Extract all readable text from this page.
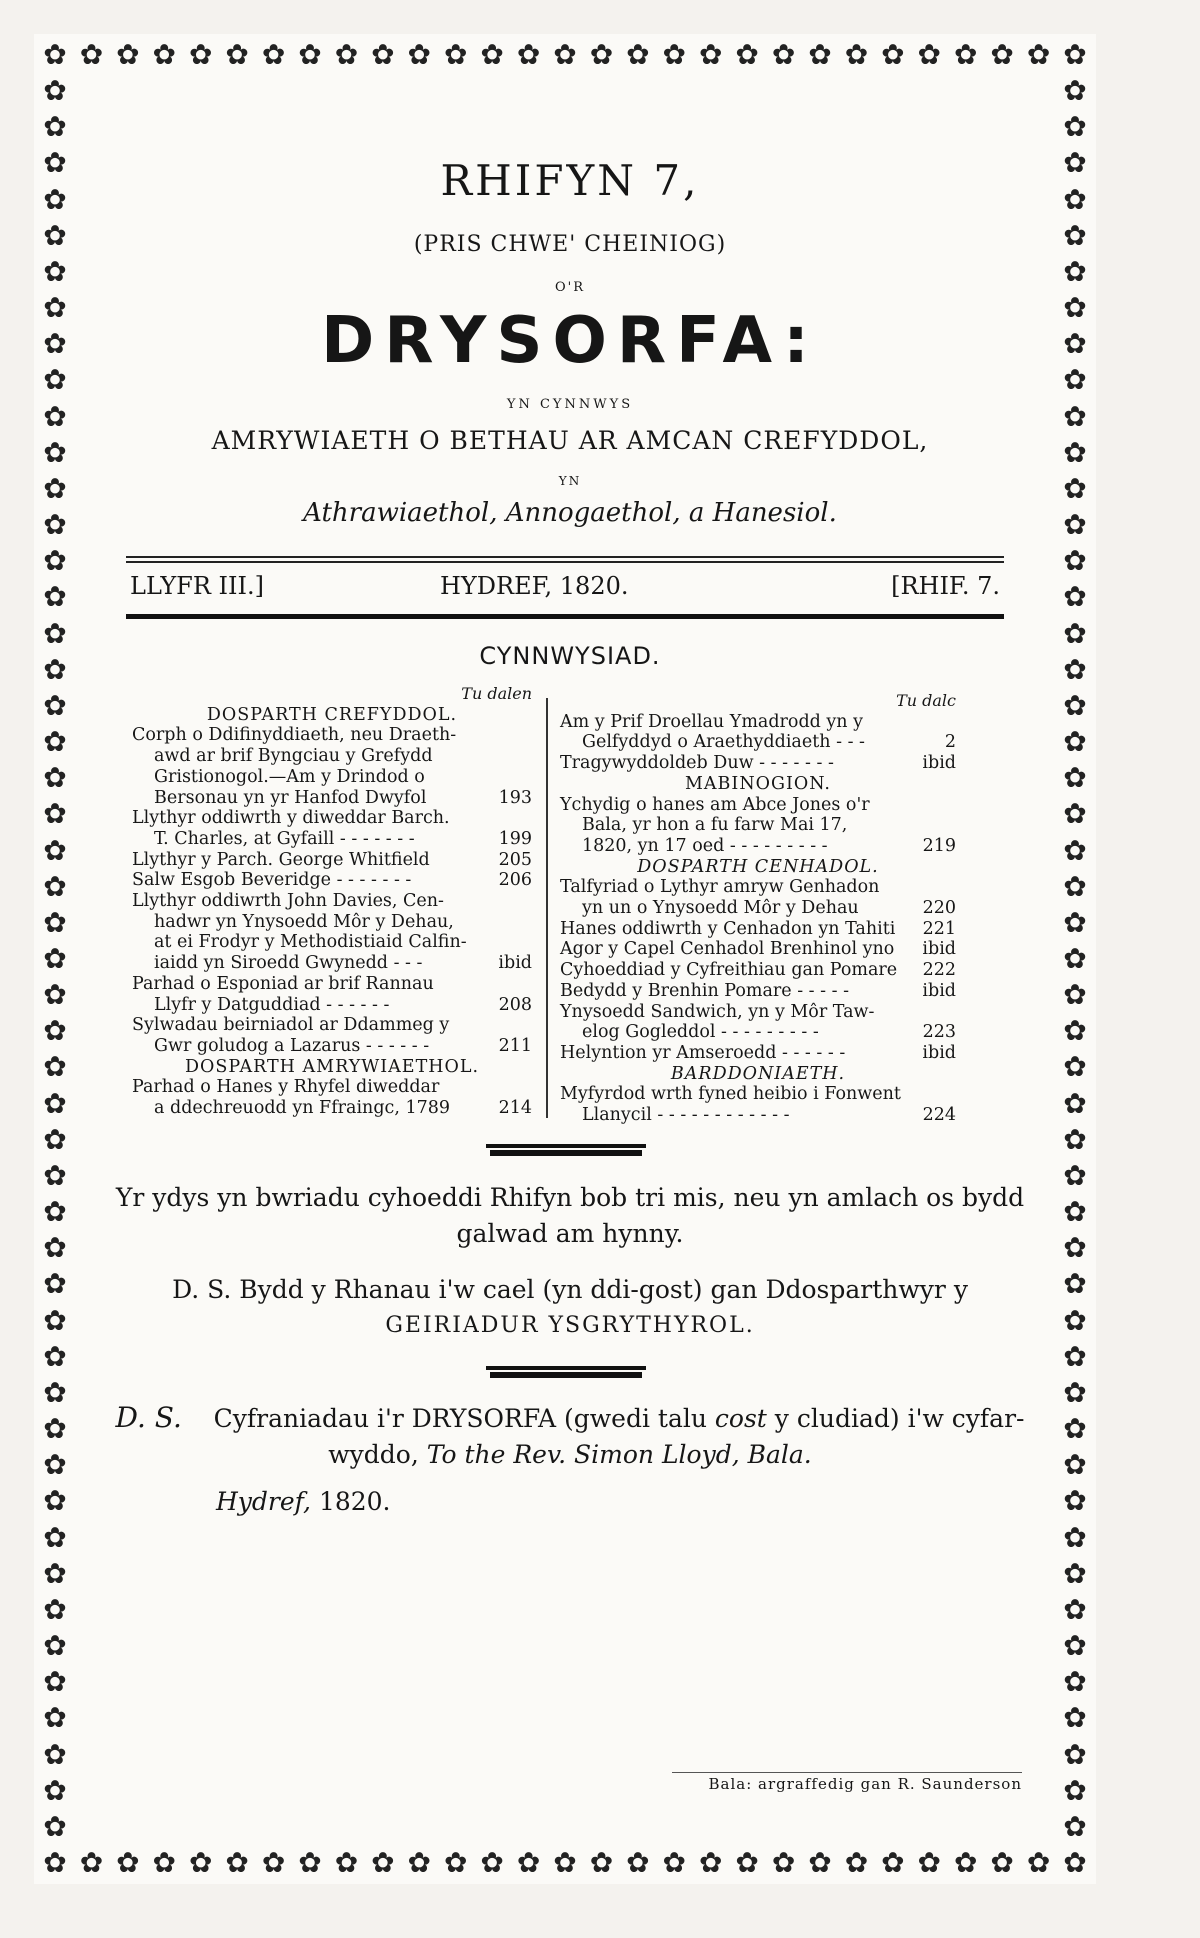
✿
✿
✿
✿
✿
✿
✿
✿
✿
✿
✿
✿
✿
✿
✿
✿
✿
✿
✿
✿
✿
✿
✿
✿
✿
✿
✿
✿
✿
✿
✿
✿
✿
✿
✿
✿
✿
✿
✿
✿
✿
✿
✿
✿
✿
✿
✿
✿
✿
✿
✿
✿
✿
✿
✿
✿
✿
✿
✿	✿
✿	✿
✿	✿
✿	✿
✿	✿
✿	✿
✿	✿
✿	✿
✿	✿
✿	✿
✿	✿
✿	✿
✿	✿
✿	✿
✿	✿
✿	✿
✿	✿
✿	✿
✿	✿
✿	✿
✿	✿
✿	✿
✿	✿
✿	✿
✿	✿
✿	✿
✿	✿
✿	✿
✿	✿
✿	✿
✿	✿
✿	✿
✿	✿
✿	✿
✿	✿
✿	✿
✿	✿
✿	✿
✿	✿
✿	✿
✿	✿
✿	✿
✿	✿
✿	✿
✿	✿
✿	✿
✿	✿
✿	✿
✿	✿
RHIFYN 7,
(PRIS CHWE' CHEINIOG)
O'R
DRYSORFA:
YN CYNNWYS
AMRYWIAETH O BETHAU AR AMCAN CREFYDDOL,
YN
Athrawiaethol, Annogaethol, a Hanesiol.
LLYFR III.]	HYDREF, 1820.	[RHIF. 7.
CYNNWYSIAD.
Tu dalen
DOSPARTH CREFYDDOL.
Corph o Ddifinyddiaeth, neu Draeth-
awd ar brif Byngciau y Grefydd
Gristionogol.—Am y Drindod o
Bersonau yn yr Hanfod Dwyfol	193
Llythyr oddiwrth y diweddar Barch.
T. Charles, at Gyfaill - - - - - - -	199
Llythyr y Parch. George Whitfield	205
Salw Esgob Beveridge - - - - - - -	206
Llythyr oddiwrth John Davies, Cen-
hadwr yn Ynysoedd Môr y Dehau,
at ei Frodyr y Methodistiaid Calfin-
iaidd yn Siroedd Gwynedd - - -	ibid
Parhad o Esponiad ar brif Rannau
Llyfr y Datguddiad - - - - - -	208
Sylwadau beirniadol ar Ddammeg y
Gwr goludog a Lazarus - - - - - -	211
DOSPARTH AMRYWIAETHOL.
Parhad o Hanes y Rhyfel diweddar
a ddechreuodd yn Ffraingc, 1789	214
Tu dalc
Am y Prif Droellau Ymadrodd yn y
Gelfyddyd o Araethyddiaeth - - -	2
Tragywyddoldeb Duw - - - - - - -	ibid
MABINOGION.
Ychydig o hanes am Abce Jones o'r
Bala, yr hon a fu farw Mai 17,
1820, yn 17 oed - - - - - - - - -	219
DOSPARTH CENHADOL.
Talfyriad o Lythyr amryw Genhadon
yn un o Ynysoedd Môr y Dehau	220
Hanes oddiwrth y Cenhadon yn Tahiti	221
Agor y Capel Cenhadol Brenhinol yno	ibid
Cyhoeddiad y Cyfreithiau gan Pomare	222
Bedydd y Brenhin Pomare - - - - -	ibid
Ynysoedd Sandwich, yn y Môr Taw-
elog Gogleddol - - - - - - - - -	223
Helyntion yr Amseroedd - - - - - -	ibid
BARDDONIAETH.
Myfyrdod wrth fyned heibio i Fonwent
Llanycil - - - - - - - - - - - -	224
Yr ydys yn bwriadu cyhoeddi Rhifyn bob tri mis, neu yn amlach os bydd
galwad am hynny.
D. S. Bydd y Rhanau i'w cael (yn ddi-gost) gan Ddosparthwyr y
GEIRIADUR YSGRYTHYROL.
D. S. Cyfraniadau i'r DRYSORFA (gwedi talu cost y cludiad) i'w cyfar-
wyddo, To the Rev. Simon Lloyd, Bala.
Hydref, 1820.
Bala: argraffedig gan R. Saunderson
